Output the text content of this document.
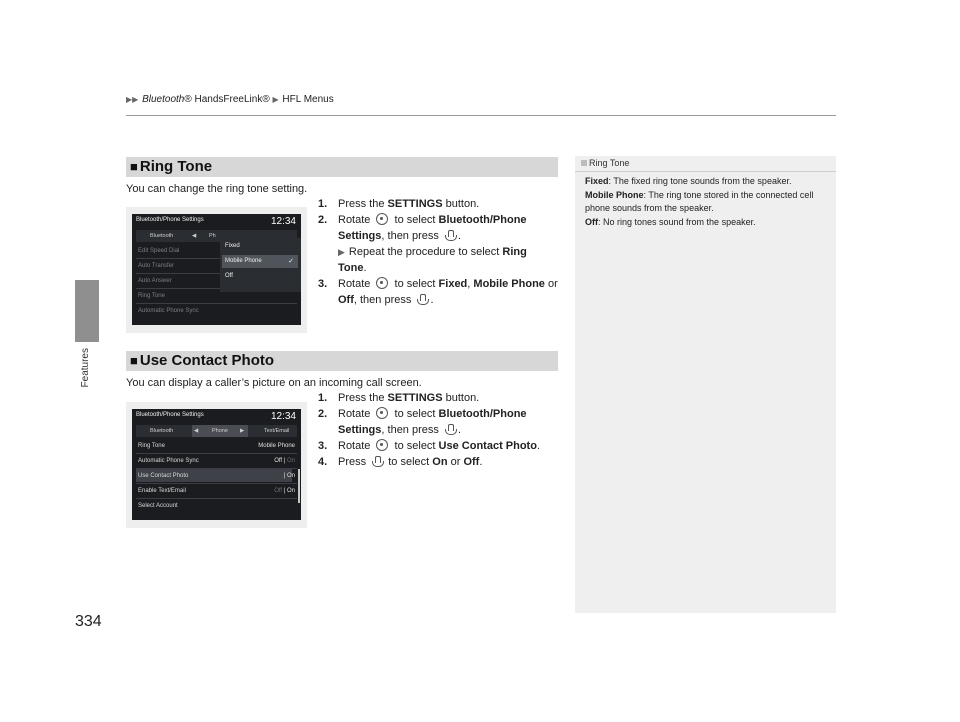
▶▶ Bluetooth® HandsFreeLink® ▶ HFL Menus
Features
334
■ Ring Tone
You can change the ring tone setting.
Bluetooth/Phone Settings	12:34
Bluetooth	◀ Ph
Edit Speed Dial
Auto Transfer
Auto Answer
Ring Tone
Automatic Phone Sync
Fixed
Mobile Phone	✓
Off
1. Press the SETTINGS button.
2. Rotate  to select Bluetooth/Phone Settings, then press .
▶ Repeat the procedure to select Ring Tone.
3. Rotate  to select Fixed, Mobile Phone or Off, then press .
■ Use Contact Photo
You can display a caller’s picture on an incoming call screen.
Bluetooth/Phone Settings	12:34
Bluetooth	◀	Phone ▶	Text/Email
Ring Tone	Mobile Phone
Automatic Phone Sync	Off | On
Use Contact Photo	| On
Enable Text/Email	Off | On
Select Account
1. Press the SETTINGS button.
2. Rotate  to select Bluetooth/Phone Settings, then press .
3. Rotate  to select Use Contact Photo.
4. Press  to select On or Off.
Ring Tone
Fixed: The fixed ring tone sounds from the speaker.
Mobile Phone: The ring tone stored in the connected cell phone sounds from the speaker.
Off: No ring tones sound from the speaker.
